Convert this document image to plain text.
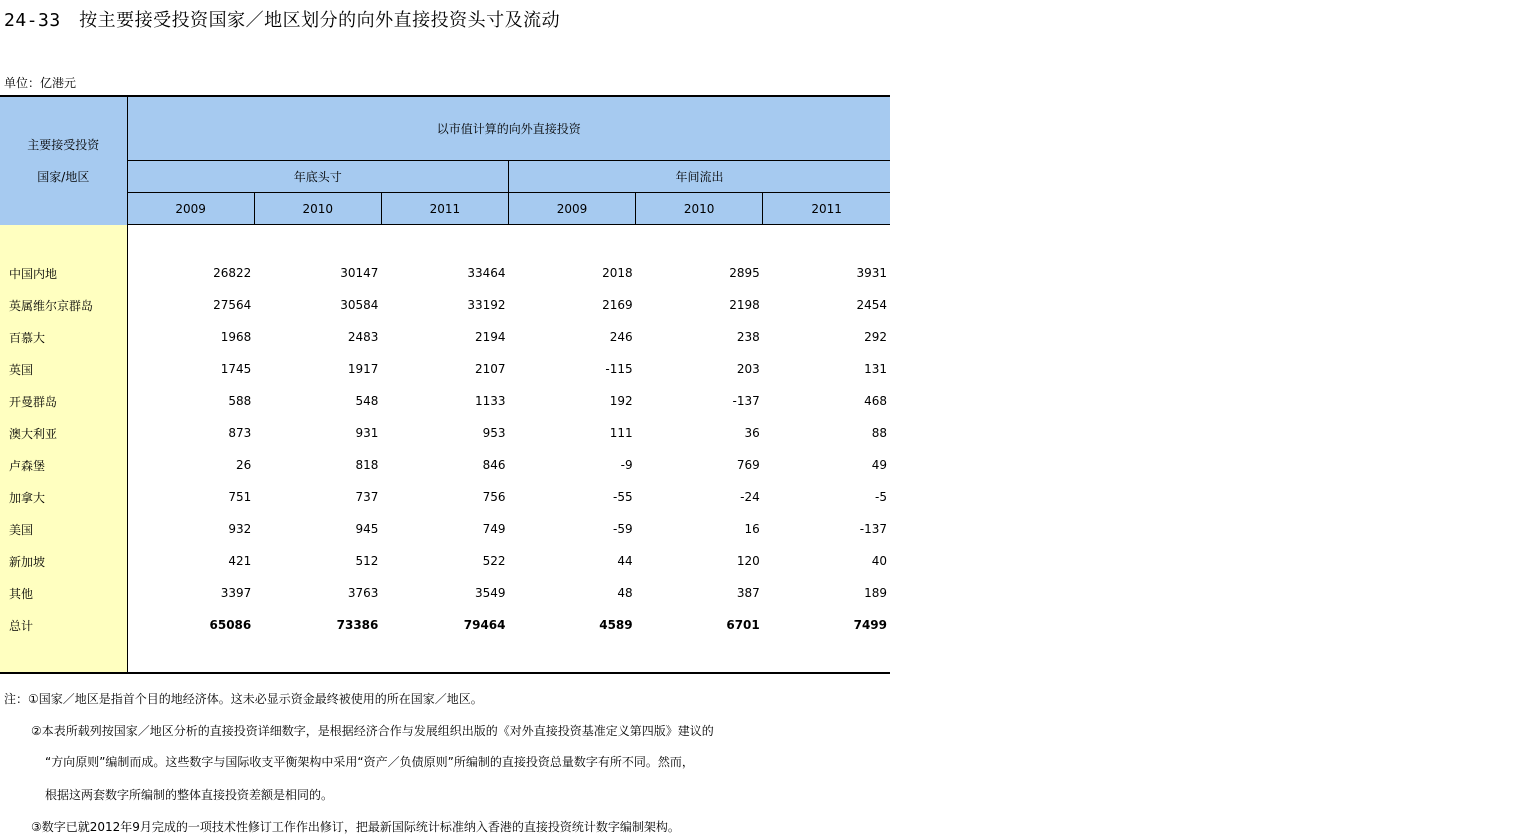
24-33　按主要接受投资国家／地区划分的向外直接投资头寸及流动
单位：亿港元
主要接受投资
国家/地区	以市值计算的向外直接投资					
	年底头寸			年间流出		
	2009	2010	2011	2009	2010	2011

中国内地	26822	30147	33464	2018	2895	3931
英属维尔京群岛	27564	30584	33192	2169	2198	2454
百慕大	1968	2483	2194	246	238	292
英国	1745	1917	2107	-115	203	131
开曼群岛	588	548	1133	192	-137	468
澳大利亚	873	931	953	111	36	88
卢森堡	26	818	846	-9	769	49
加拿大	751	737	756	-55	-24	-5
美国	932	945	749	-59	16	-137
新加坡	421	512	522	44	120	40
其他	3397	3763	3549	48	387	189
总计	65086	73386	79464	4589	6701	7499

注：①国家／地区是指首个目的地经济体。这未必显示资金最终被使用的所在国家／地区。
②本表所载列按国家／地区分析的直接投资详细数字，是根据经济合作与发展组织出版的《对外直接投资基准定义第四版》建议的
“方向原则”编制而成。这些数字与国际收支平衡架构中采用“资产／负债原则”所编制的直接投资总量数字有所不同。然而，
根据这两套数字所编制的整体直接投资差额是相同的。
③数字已就2012年9月完成的一项技术性修订工作作出修订，把最新国际统计标准纳入香港的直接投资统计数字编制架构。
